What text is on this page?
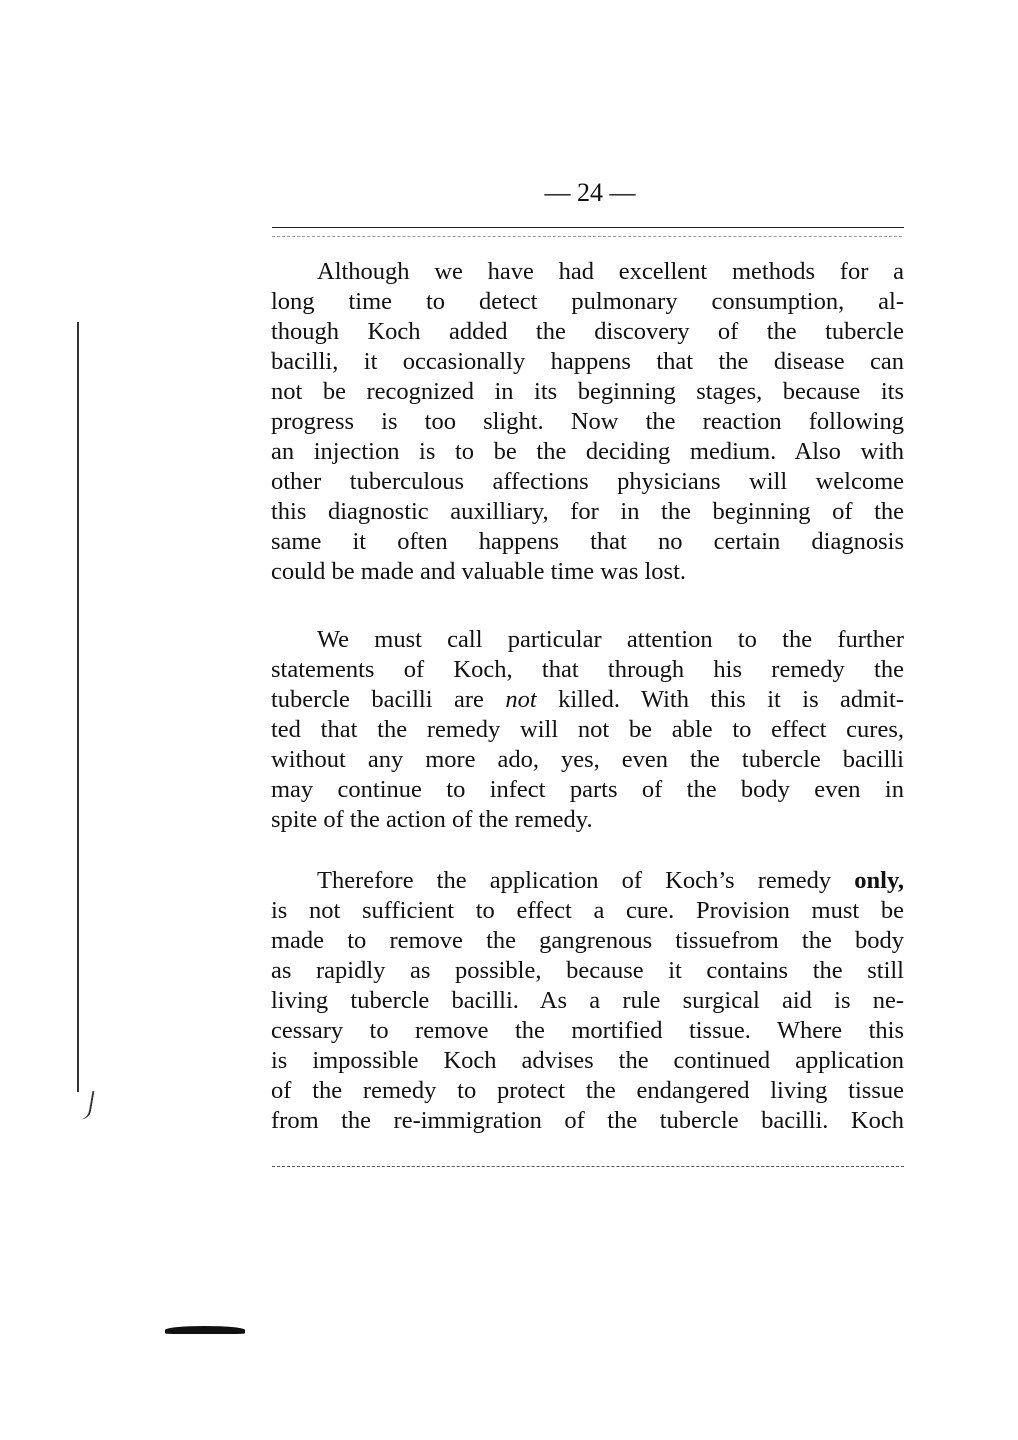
— 24 —
Although we have had excellent methods for a
long time to detect pulmonary consumption, al-
though Koch added the discovery of the tubercle
bacilli, it occasionally happens that the disease can
not be recognized in its beginning stages, because its
progress is too slight. Now the reaction following
an injection is to be the deciding medium. Also with
other tuberculous affections physicians will welcome
this diagnostic auxilliary, for in the beginning of the
same it often happens that no certain diagnosis
could be made and valuable time was lost.
We must call particular attention to the further
statements of Koch, that through his remedy the
tubercle bacilli are not killed. With this it is admit-
ted that the remedy will not be able to effect cures,
without any more ado, yes, even the tubercle bacilli
may continue to infect parts of the body even in
spite of the action of the remedy.
Therefore the application of Koch’s remedy only,
is not sufficient to effect a cure. Provision must be
made to remove the gangrenous tissuefrom the body
as rapidly as possible, because it contains the still
living tubercle bacilli. As a rule surgical aid is ne-
cessary to remove the mortified tissue. Where this
is impossible Koch advises the continued application
of the remedy to protect the endangered living tissue
from the re-immigration of the tubercle bacilli. Koch
